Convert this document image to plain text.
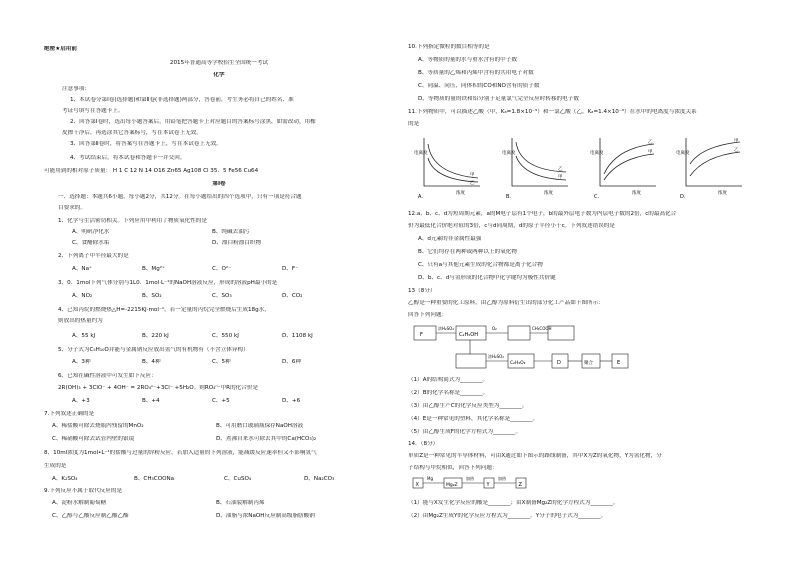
绝密★启用前
2015年普通高等学校招生全国统一考试
化学
注意事项:
1、本试卷分第Ⅰ卷(选择题)和第Ⅱ卷(非选择题)两部分，答卷前，考生务必将自己的姓名、准
考证号填写在答题卡上。
2、回答第Ⅰ卷时，选出每小题答案后，用铅笔把答题卡上对应题目的答案标号涂黑，如需改动，用橡
皮擦干净后，再选涂其它答案标号，写在本试卷上无效。
3、回答第Ⅱ卷时，将答案写在答题卡上，写在本试卷上无效。
4、考试结束后，将本试卷和答题卡一并交回。
可能用到的相对原子质量： H 1 C 12 N 14 O16 Zn65 Ag108 Cl 35．5 Fe56 Cu64
第Ⅰ卷
一、选择题：本题共6小题，每小题2分，共12分。在每小题给出的四个选项中，只有一项是符合题
目要求的。
1、化学与生活密切相关。下列应用中利用了物质氧化性的是
A、明矾净化水	B、纯碱去油污
C、食醋除水垢	D、漂白粉漂白织物
2、下列离子中半径最大的是
A、Na⁺	B、Mg²⁺	C、O²⁻	D、F⁻
3、0．1mol下列气体分别与1L0．1mol·L⁻¹的NaOH溶液反应，形成的溶液pH最小的是
A、NO₂	B、SO₂	C、SO₃	D、CO₂
4、己知丙烷的燃烧热△H=-2215KJ·mol⁻¹，若一定量的丙烷完全燃烧后生成18g水，
则放出的热量约为
A、55 kJ	B、220 kJ	C、550 kJ	D、1108 kJ
5、分子式为C₅H₁₀O并能与金属钠反应放出氢气的有机物有（不含立体异构）
A、3种	B、4种	C、5种	D、6种
6、已知在碱性溶液中可发生如下反应：
2R(OH)₃ + 3ClO⁻ + 4OH⁻ = 2RO₄ⁿ⁻+3Cl⁻ +5H₂O。则RO₄ⁿ⁻中R的化合价是
A、+3	B、+4	C、+5	D、+6
7.下列叙述正确的是
A、稀盐酸可除去烧瓶内残留的MnO₂	B、可用磨口玻璃瓶保存NaOH溶液
C、稀硝酸可除去试管内壁的银镜	D、煮沸自来水可除去其中的Ca(HCO₃)₂
8、10ml浓度为1mol•L⁻¹的盐酸与过量的锌粉反应，若加入适量的下列溶液，能减缓反应速率但又不影响氢气
生成的是
A、K₂SO₄	B、CH₃COONa	C、CuSO₄	D、Na₂CO₃
9.下列反应不属于取代反应的是
A、淀粉水解制葡萄糖	B、石油裂解制丙烯
C、乙醇与乙酸反应制乙酸乙酯	D、油脂与浓NaOH反应制高级脂肪酸钠
10.下列指定微粒的数目相等的是
A、等物质的量的水与重水含有的中子数
B、等质量的乙烯和丙烯中含有的共用电子对数
C、同温、同压、同体积的CO和NO含有的质子数
D、等物质的量的铁和铝分别于足量氯气完全反应时转移的电子数
11.下列物质中，可以描述乙酸（甲，Kₐ=1.8×10⁻⁵）和一氯乙酸（乙，Kₐ=1.4×10⁻³）在水中的电离度与浓度关系
的是
电离度
浓度
甲
乙
A.
电离度
浓度
乙
甲
B.
电离度
浓度
乙
甲
C.
电离度
浓度
甲
乙
D.
12.a、b、c、d为短周期元素，a的M电子层有1个电子，b的最外层电子数为内层电子数的2倍，c的最高化合
价为最低化合价绝对值的3倍，c与d同周期，d的原子半径小于c。下列叙述错误的是
A、d元素的非金属性最强
B、它们均存在两种或两种以上的氧化物
C、只有a与其他元素生成的化合物都是离子化合物
D、b、c、d与氢形成的化合物中化学键均为极性共价键
13（8分）
乙醇是一种重要的化工原料，由乙醇为原料衍生出的部分化工产品如下图所示：
回答下列问题：
F
浓H₂SO₄
C₂H₅OH
O₂	CH₃COOH
浓H₂SO₄
C₂H₄O₂	D	聚合	E
（1）A的结构简式为________。
（2）B的化学名称是________。
（3）由乙醇生产C的化学反应类型为________。
（4）E是一种常见的塑料，其化学名称是________。
（5）由乙醇生成F的化学方程式为________。
14．（8分）
单质Z是一种常见的半导体材料，可由X通过如下图示的路线制备，其中X为Z的氧化物，Y为氢化物，分
子结构与甲烷相似，回答下列问题：
X
Mg
Mg₂Z
加热
Y
加热
Z
（1）能与X发生化学反应的酸是________；由X制备Mg₂Z的化学方程式为________。
（2）由Mg₂Z生成Y的化学反应方程式为________，Y分子的电子式为________。
